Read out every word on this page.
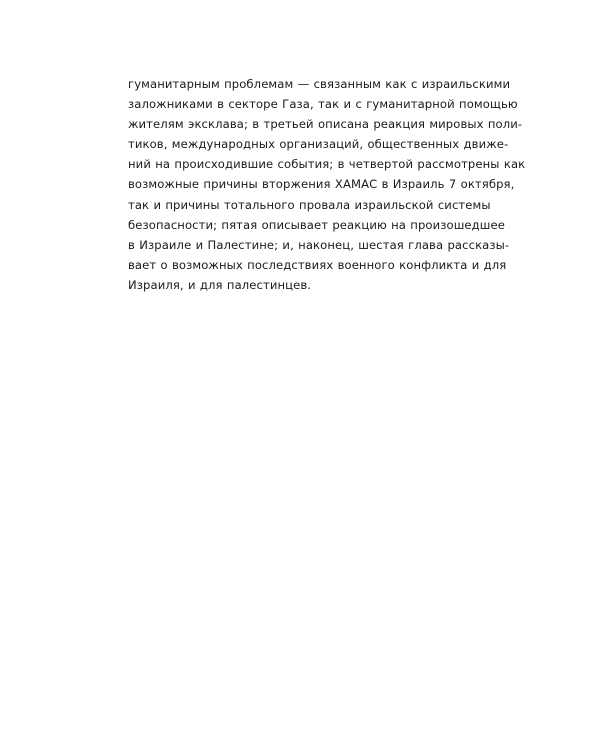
гуманитарным проблемам — связанным как с израильскими
заложниками в секторе Газа, так и с гуманитарной помощью
жителям эксклава; в третьей описана реакция мировых поли-
тиков, международных организаций, общественных движе-
ний на происходившие события; в четвертой рассмотрены как
возможные причины вторжения ХАМАС в Израиль 7 октября,
так и причины тотального провала израильской системы
безопасности; пятая описывает реакцию на произошедшее
в Израиле и Палестине; и, наконец, шестая глава рассказы-
вает о возможных последствиях военного конфликта и для
Израиля, и для палестинцев.
